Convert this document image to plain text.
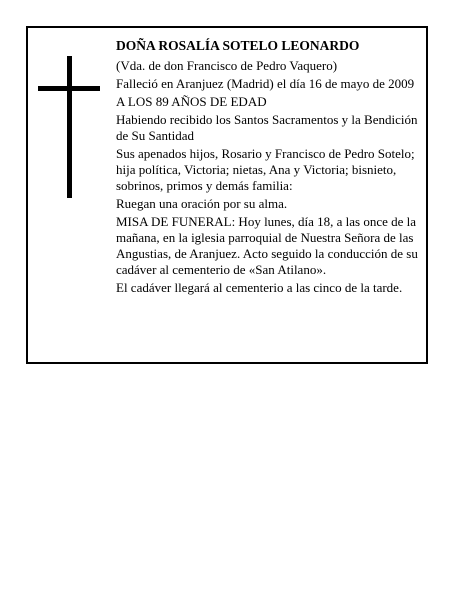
DOÑA ROSALÍA SOTELO LEONARDO

(Vda. de don Francisco de Pedro Vaquero)

Falleció en Aranjuez (Madrid) el día 16 de mayo de 2009

A LOS 89 AÑOS DE EDAD

Habiendo recibido los Santos Sacramentos y la Bendición de Su Santidad

Sus apenados hijos, Rosario y Francisco de Pedro Sotelo; hija política, Victoria; nietas, Ana y Victoria; bisnieto, sobrinos, primos y demás familia:

Ruegan una oración por su alma.

MISA DE FUNERAL: Hoy lunes, día 18, a las once de la mañana, en la iglesia parroquial de Nuestra Señora de las Angustias, de Aranjuez. Acto seguido la conducción de su cadáver al cementerio de «San Atilano».

El cadáver llegará al cementerio a las cinco de la tarde.
